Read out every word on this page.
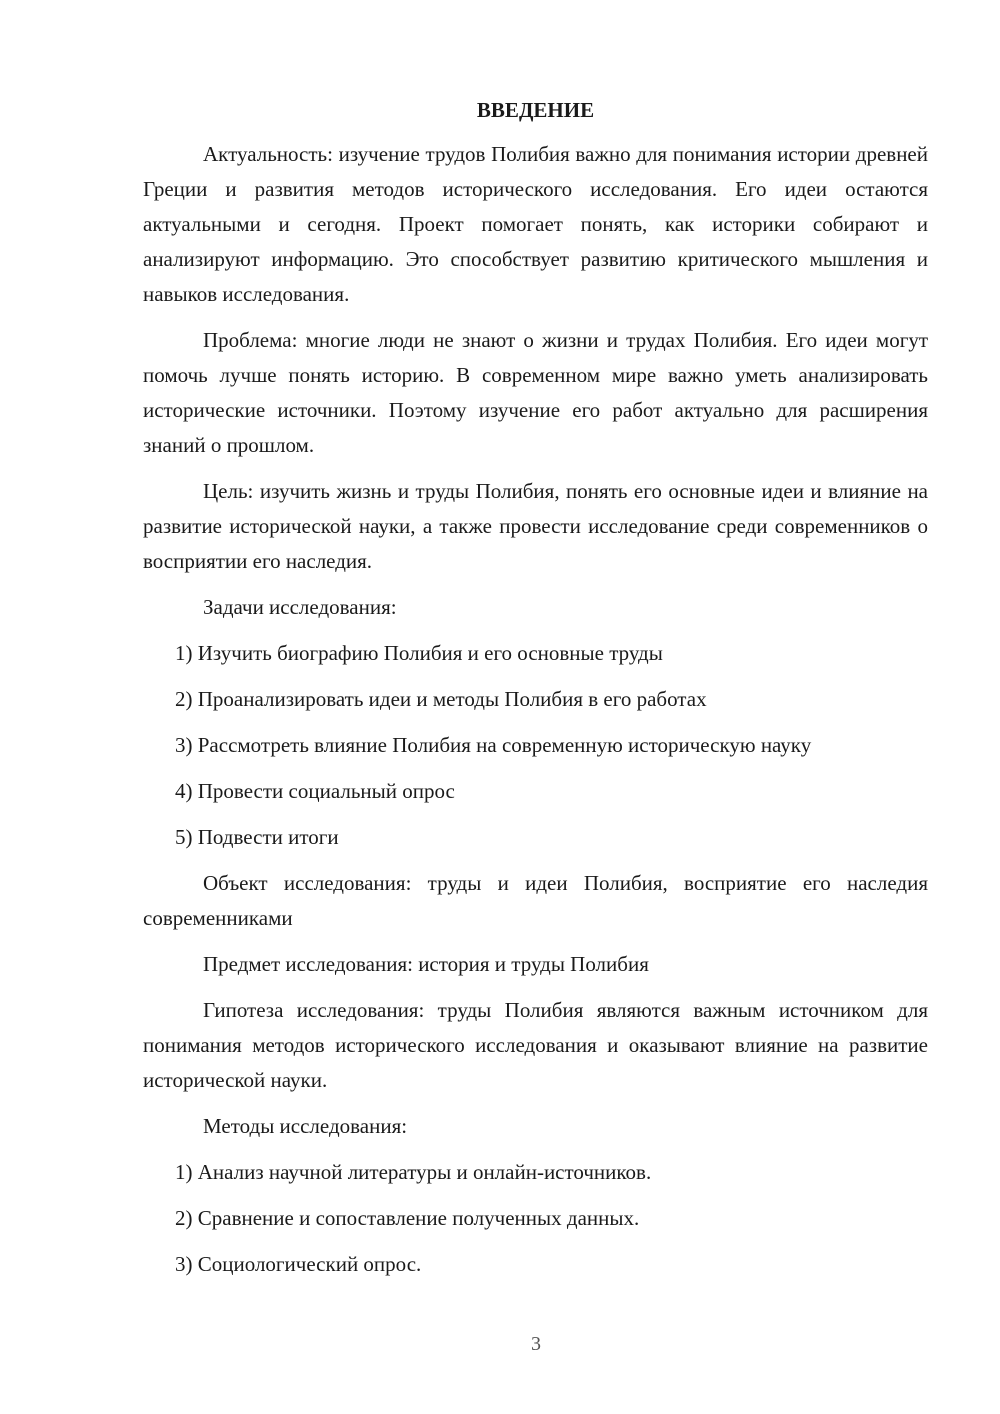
ВВЕДЕНИЕ

Актуальность: изучение трудов Полибия важно для понимания истории древней Греции и развития методов исторического исследования. Его идеи остаются актуальными и сегодня. Проект помогает понять, как историки собирают и анализируют информацию. Это способствует развитию критического мышления и навыков исследования.

Проблема: многие люди не знают о жизни и трудах Полибия. Его идеи могут помочь лучше понять историю. В современном мире важно уметь анализировать исторические источники. Поэтому изучение его работ актуально для расширения знаний о прошлом.

Цель: изучить жизнь и труды Полибия, понять его основные идеи и влияние на развитие исторической науки, а также провести исследование среди современников о восприятии его наследия.

Задачи исследования:

1) Изучить биографию Полибия и его основные труды
2) Проанализировать идеи и методы Полибия в его работах
3) Рассмотреть влияние Полибия на современную историческую науку
4) Провести социальный опрос
5) Подвести итоги

Объект исследования: труды и идеи Полибия, восприятие его наследия современниками

Предмет исследования: история и труды Полибия

Гипотеза исследования: труды Полибия являются важным источником для понимания методов исторического исследования и оказывают влияние на развитие исторической науки.

Методы исследования:

1) Анализ научной литературы и онлайн-источников.
2) Сравнение и сопоставление полученных данных.
3) Социологический опрос.
3
